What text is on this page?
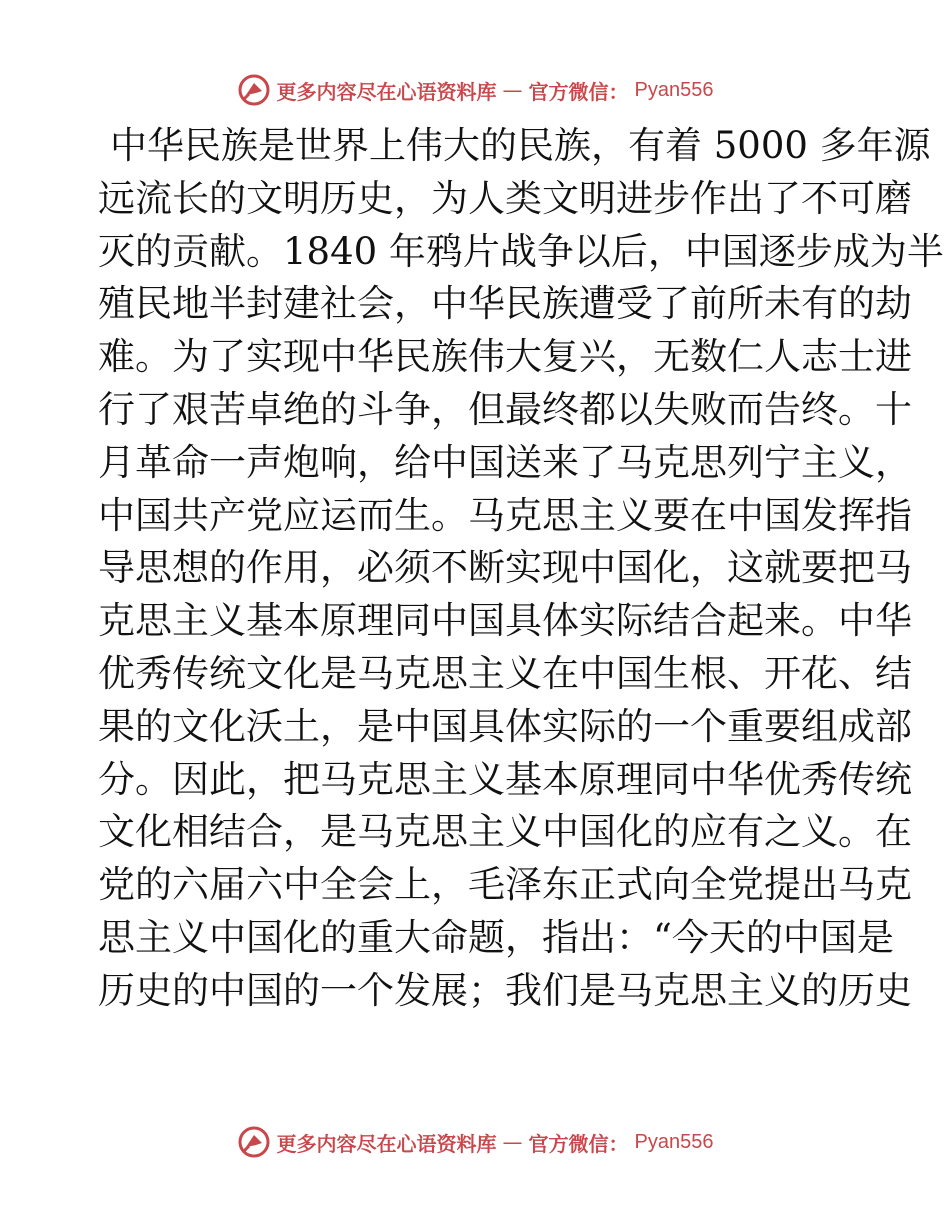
更多内容尽在心语资料库 — 官方微信： Pyan556
中华民族是世界上伟大的民族，有着 5000 多年源
远流长的文明历史，为人类文明进步作出了不可磨
灭的贡献。1840 年鸦片战争以后，中国逐步成为半
殖民地半封建社会，中华民族遭受了前所未有的劫
难。为了实现中华民族伟大复兴，无数仁人志士进
行了艰苦卓绝的斗争，但最终都以失败而告终。十
月革命一声炮响，给中国送来了马克思列宁主义，
中国共产党应运而生。马克思主义要在中国发挥指
导思想的作用，必须不断实现中国化，这就要把马
克思主义基本原理同中国具体实际结合起来。中华
优秀传统文化是马克思主义在中国生根、开花、结
果的文化沃土，是中国具体实际的一个重要组成部
分。因此，把马克思主义基本原理同中华优秀传统
文化相结合，是马克思主义中国化的应有之义。在
党的六届六中全会上，毛泽东正式向全党提出马克
思主义中国化的重大命题，指出：“今天的中国是
历史的中国的一个发展；我们是马克思主义的历史
更多内容尽在心语资料库 — 官方微信： Pyan556
